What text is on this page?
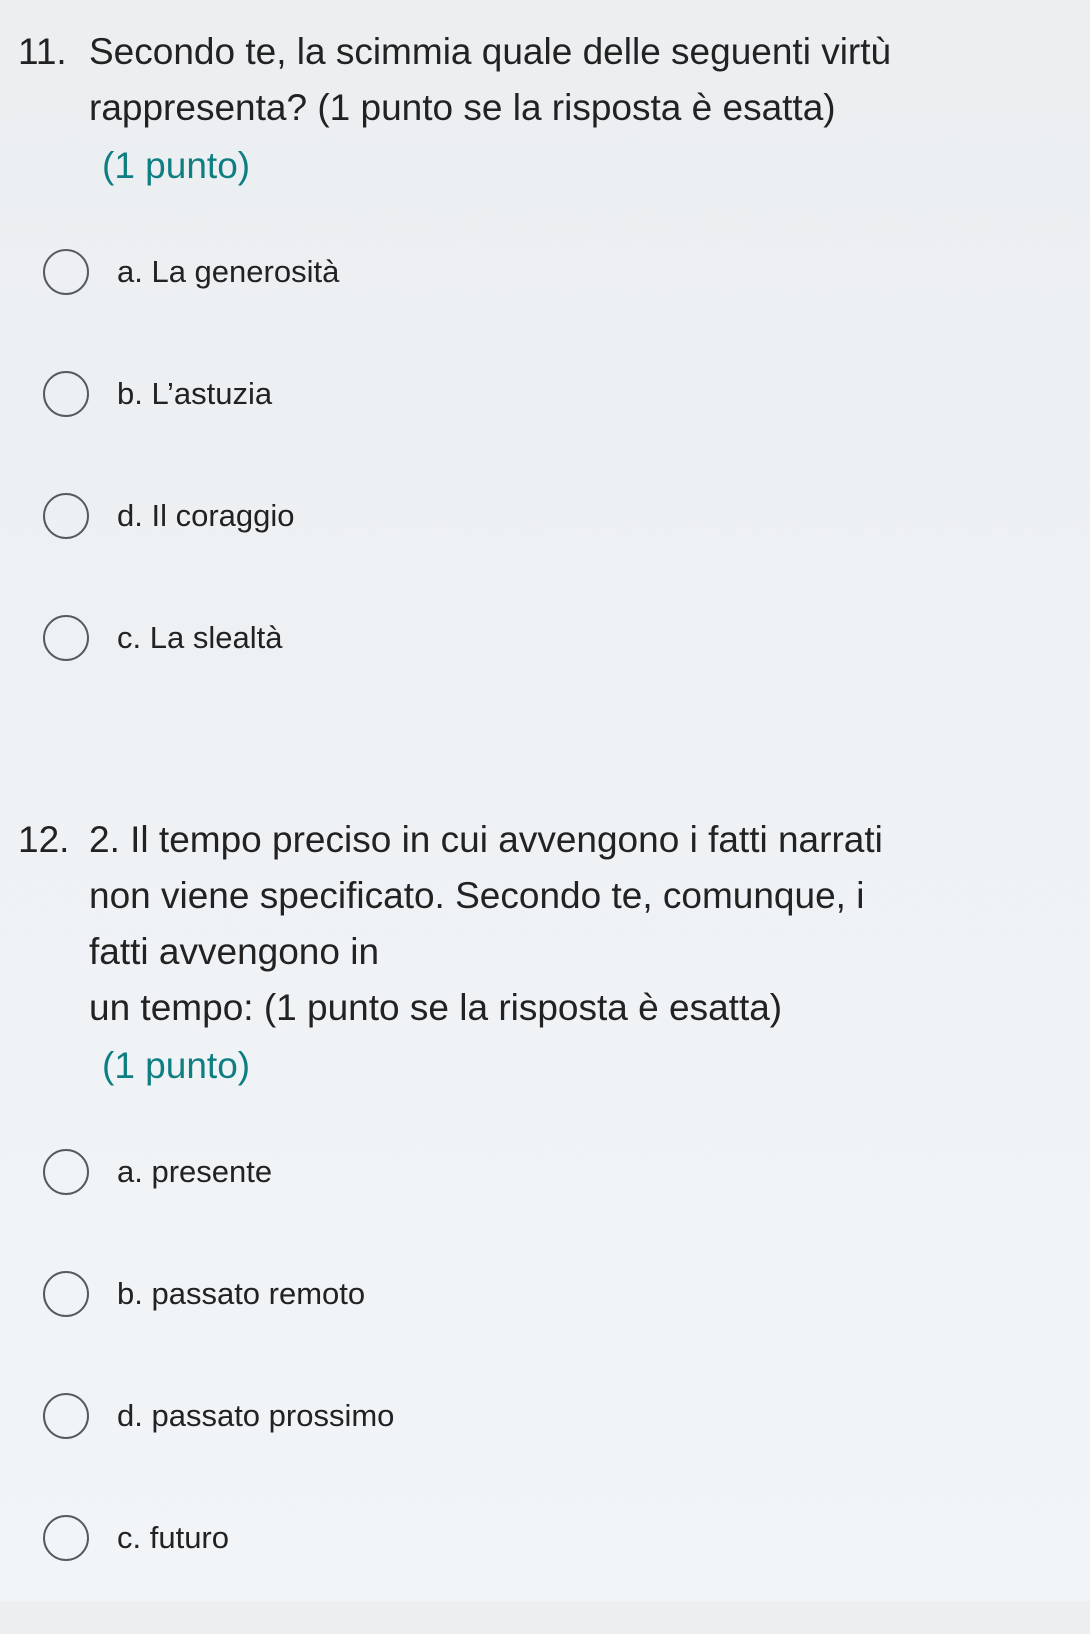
11. Secondo te, la scimmia quale delle seguenti virtù
rappresenta? (1 punto se la risposta è esatta)
(1 punto)
a. La generosità
b. L’astuzia
d. Il coraggio
c. La slealtà
12. 2. Il tempo preciso in cui avvengono i fatti narrati
non viene specificato. Secondo te, comunque, i
fatti avvengono in
un tempo: (1 punto se la risposta è esatta)
(1 punto)
a. presente
b. passato remoto
d. passato prossimo
c. futuro
